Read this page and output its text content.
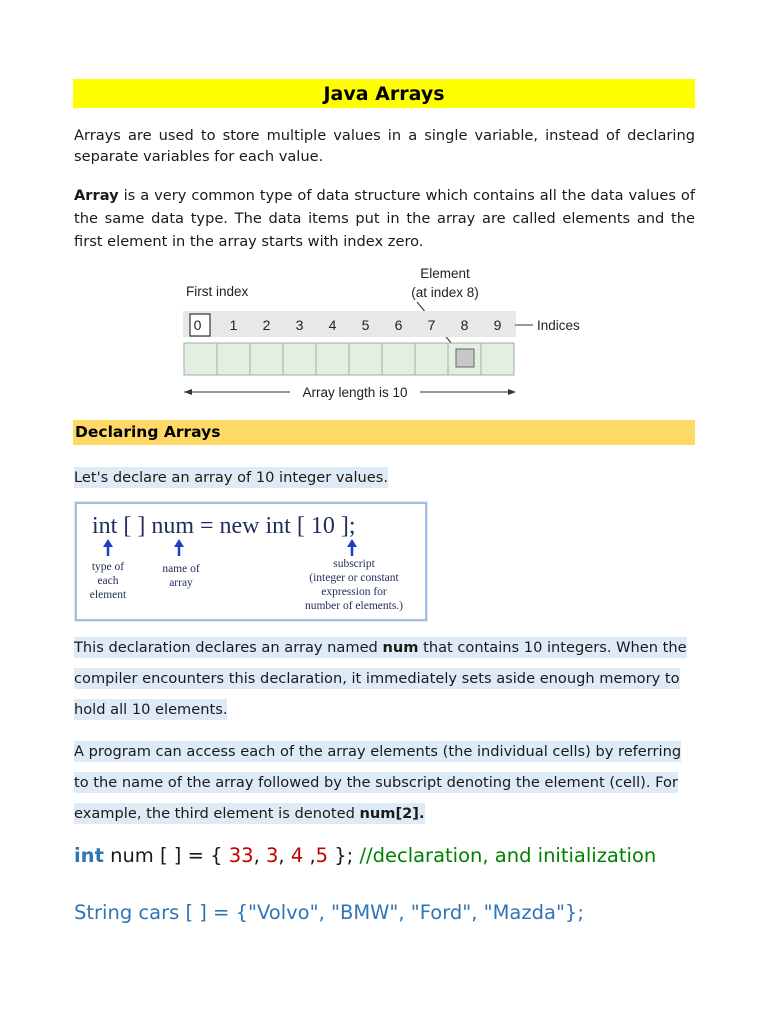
Java Arrays
Arrays are used to store multiple values in a single variable, instead of declaring separate variables for each value.
Array is a very common type of data structure which contains all the data values of the same data type. The data items put in the array are called elements and the first element in the array starts with index zero.
First index
Element
(at index 8)
0 1 2 3 4 5 6 7 8 9	Indices
Array length is 10
Declaring Arrays
Let's declare an array of 10 integer values.
int [ ] num = new int [ 10 ];
type of
each
element
name of
array
subscript
(integer or constant
expression for
number of elements.)
This declaration declares an array named num that contains 10 integers. When the compiler encounters this declaration, it immediately sets aside enough memory to hold all 10 elements.
A program can access each of the array elements (the individual cells) by referring to the name of the array followed by the subscript denoting the element (cell). For example, the third element is denoted num[2].
int num [ ] = { 33, 3, 4 ,5 }; //declaration, and initialization
String cars [ ] = {"Volvo", "BMW", "Ford", "Mazda"};
